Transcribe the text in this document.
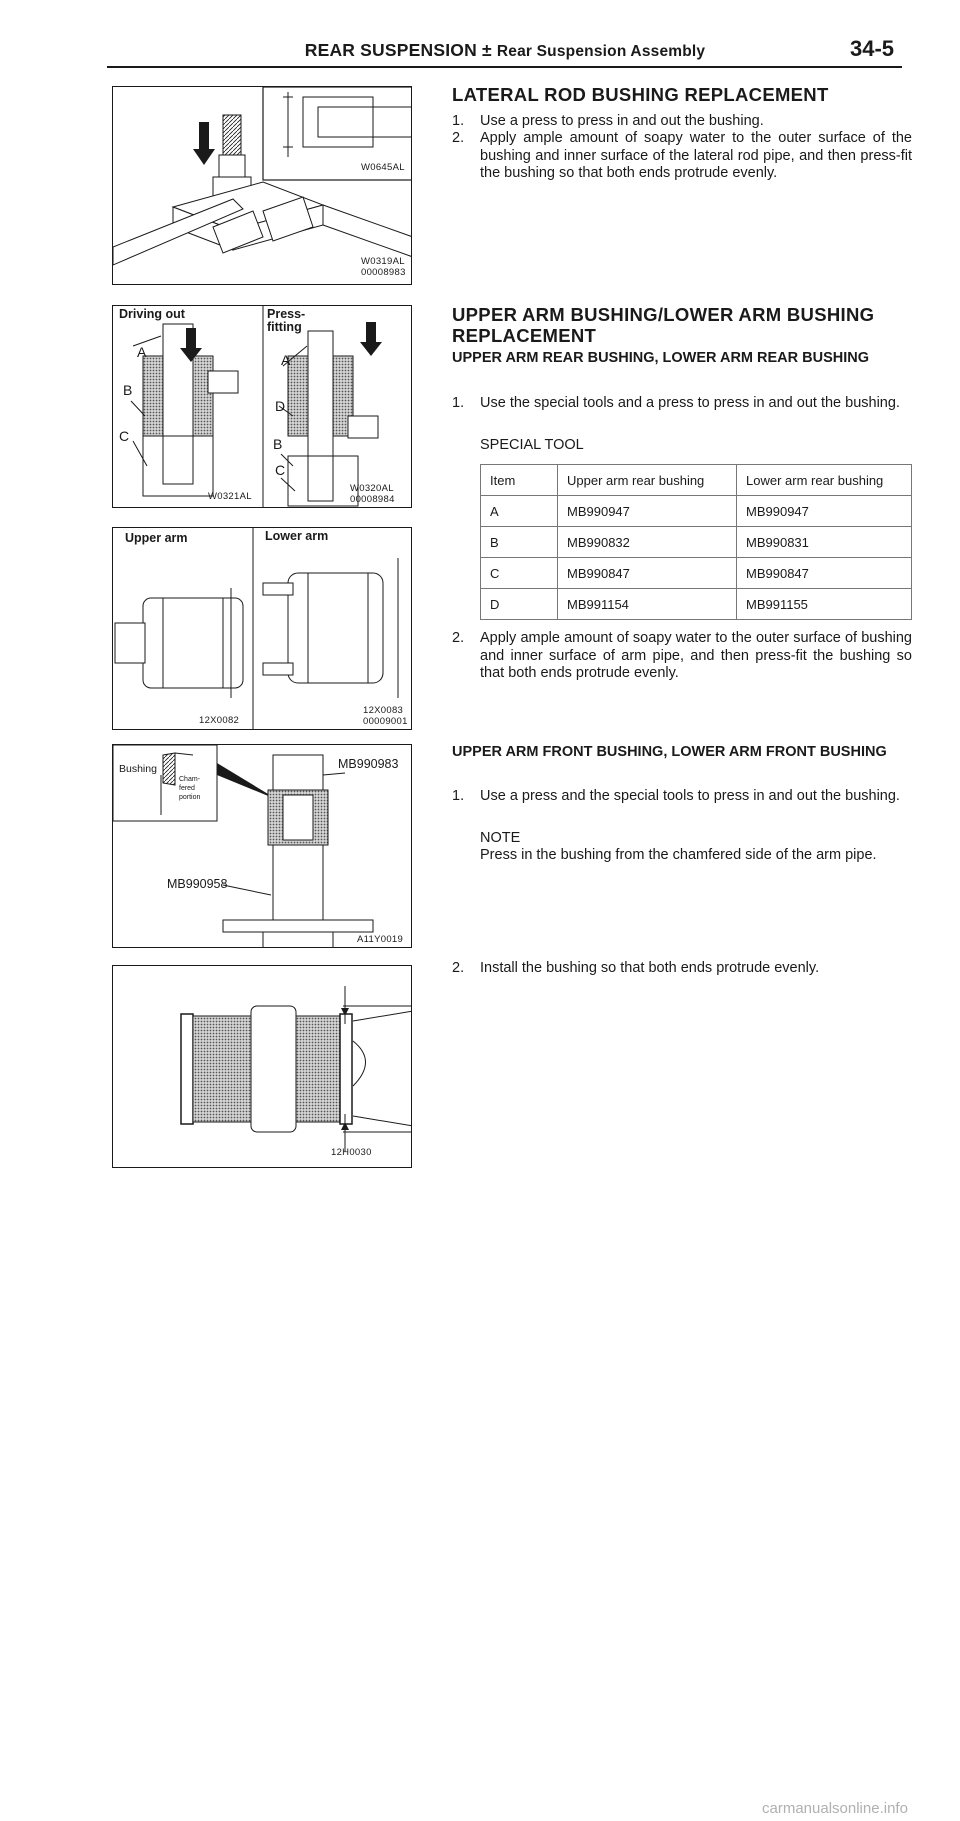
REAR SUSPENSION ± Rear Suspension Assembly	34-5
W0645AL
W0319AL
00008983
Driving out	Press-
fitting
A
B
C
A
D
B
C
W0321AL
W0320AL
00008984
Upper arm	Lower arm
12X0082
12X0083
00009001
Bushing
Cham-
fered
portion
MB990983
MB990958
A11Y0019
12H0030
LATERAL ROD BUSHING REPLACEMENT
1. Use a press to press in and out the bushing.
2. Apply ample amount of soapy water to the outer surface of the bushing and inner surface of the lateral rod pipe, and then press-fit the bushing so that both ends protrude evenly.
UPPER ARM BUSHING/LOWER ARM BUSHING REPLACEMENT
UPPER ARM REAR BUSHING, LOWER ARM REAR BUSHING
1. Use the special tools and a press to press in and out the bushing.
SPECIAL TOOL
Item	Upper arm rear bushing	Lower arm rear bushing
A	MB990947	MB990947
B	MB990832	MB990831
C	MB990847	MB990847
D	MB991154	MB991155
2. Apply ample amount of soapy water to the outer surface of bushing and inner surface of arm pipe, and then press-fit the bushing so that both ends protrude evenly.
UPPER ARM FRONT BUSHING, LOWER ARM FRONT BUSHING
1. Use a press and the special tools to press in and out the bushing.
NOTE
Press in the bushing from the chamfered side of the arm pipe.
2. Install the bushing so that both ends protrude evenly.
carmanualsonline.info
